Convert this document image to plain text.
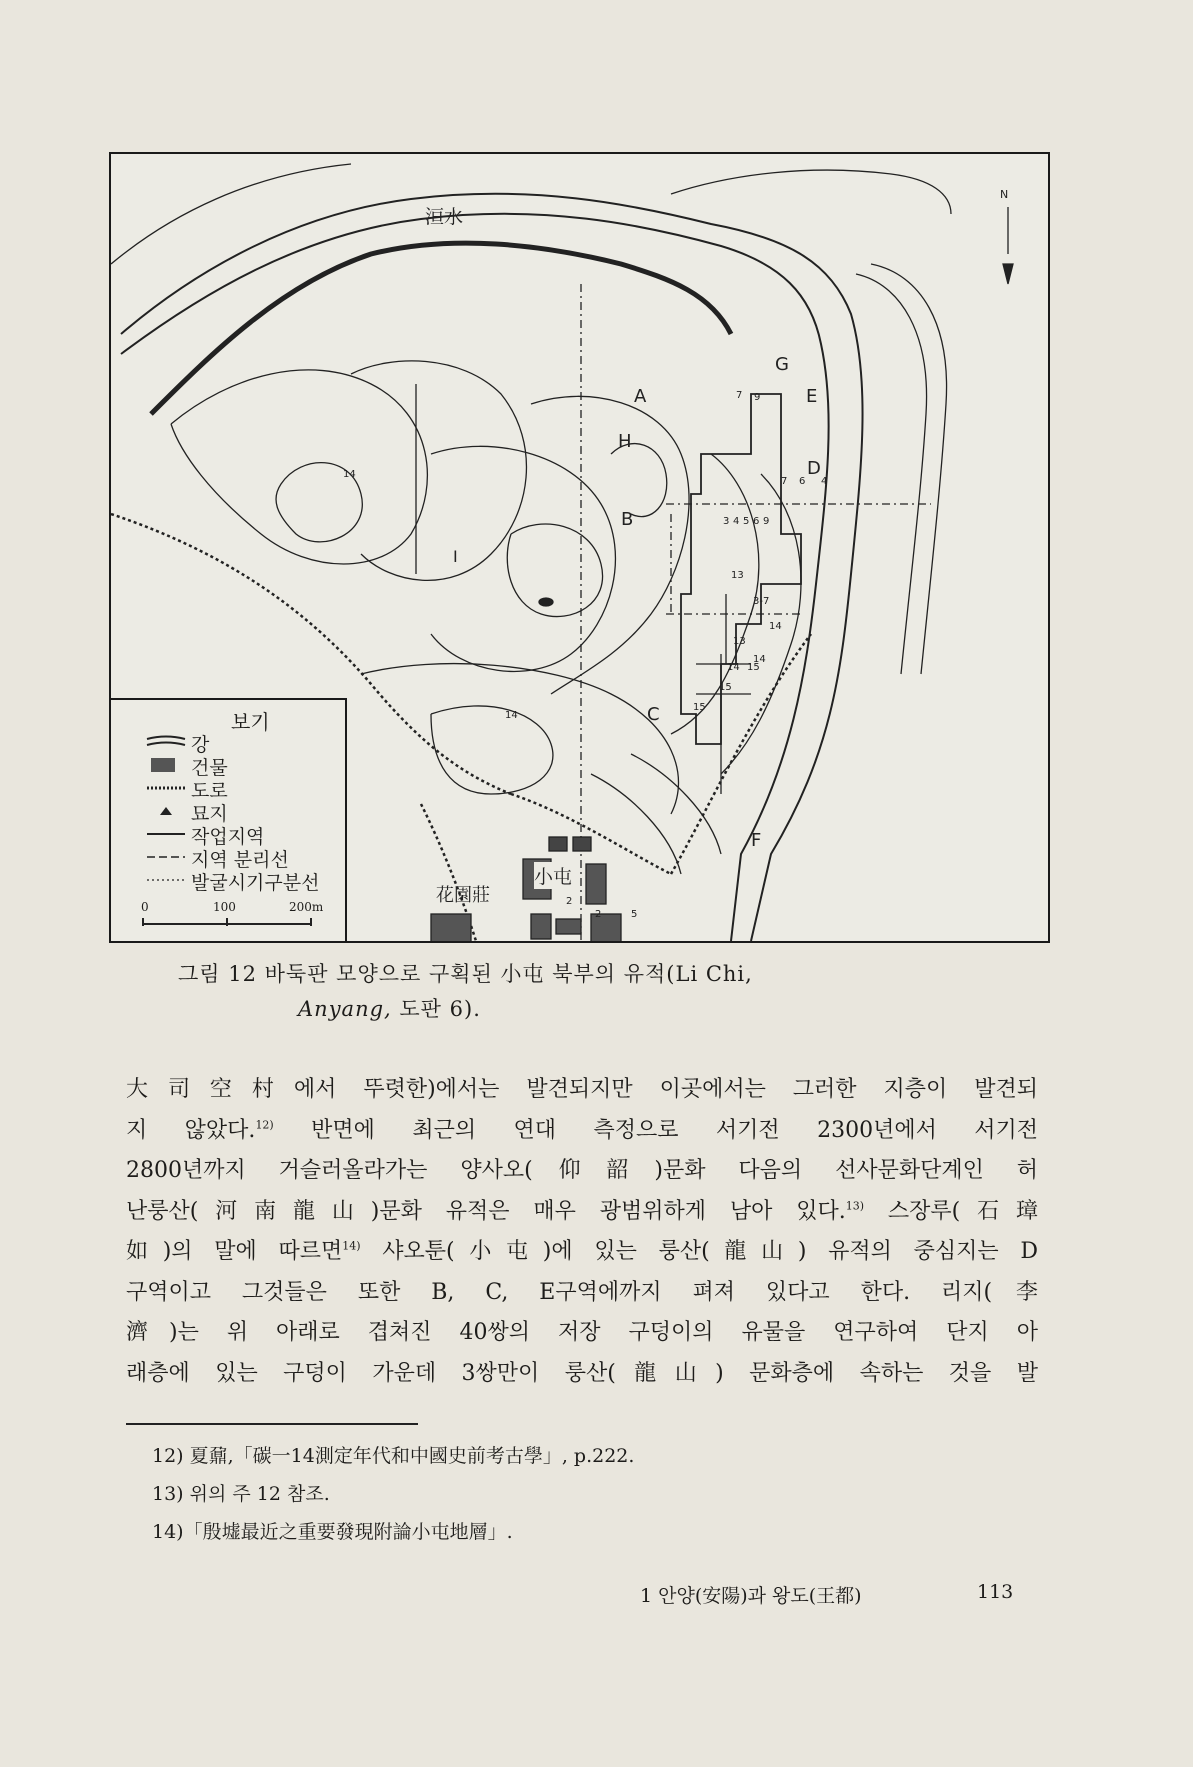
洹水
N
小屯
花園莊
A
B
C
D
E
F
G
H
I
7 9
7 6 4
3 4 5 6 9
13
3-7
14
13
14
15
14 15
15
14
14
2
2	5
보기
강
건물
도로
묘지
작업지역
지역 분리선
발굴시기구분선
0	100	200m
그림 12 바둑판 모양으로 구획된 小屯 북부의 유적(Li Chi,
Anyang, 도판 6).

大司空村에서 뚜렷한)에서는 발견되지만 이곳에서는 그러한 지층이 발견되

지 않았다.$^{12)}$ 반면에 최근의 연대 측정으로 서기전 2300년에서 서기전

2800년까지 거슬러올라가는 양사오(仰韶)문화 다음의 선사문화단계인 허

난룽산(河南龍山)문화 유적은 매우 광범위하게 남아 있다.$^{13)}$ 스장루(石璋

如)의 말에 따르면$^{14)}$ 샤오툰(小屯)에 있는 룽산(龍山) 유적의 중심지는 D

구역이고 그것들은 또한 B, C, E구역에까지 펴져 있다고 한다. 리지(李

濟)는 위 아래로 겹쳐진 40쌍의 저장 구덩이의 유물을 연구하여 단지 아

래층에 있는 구덩이 가운데 3쌍만이 룽산(龍山) 문화층에 속하는 것을 발

12) 夏鼐,「碳一14測定年代和中國史前考古學」, p.222.
13) 위의 주 12 참조.
14)「殷墟最近之重要發現附論小屯地層」.
1 안양(安陽)과 왕도(王都)	113
